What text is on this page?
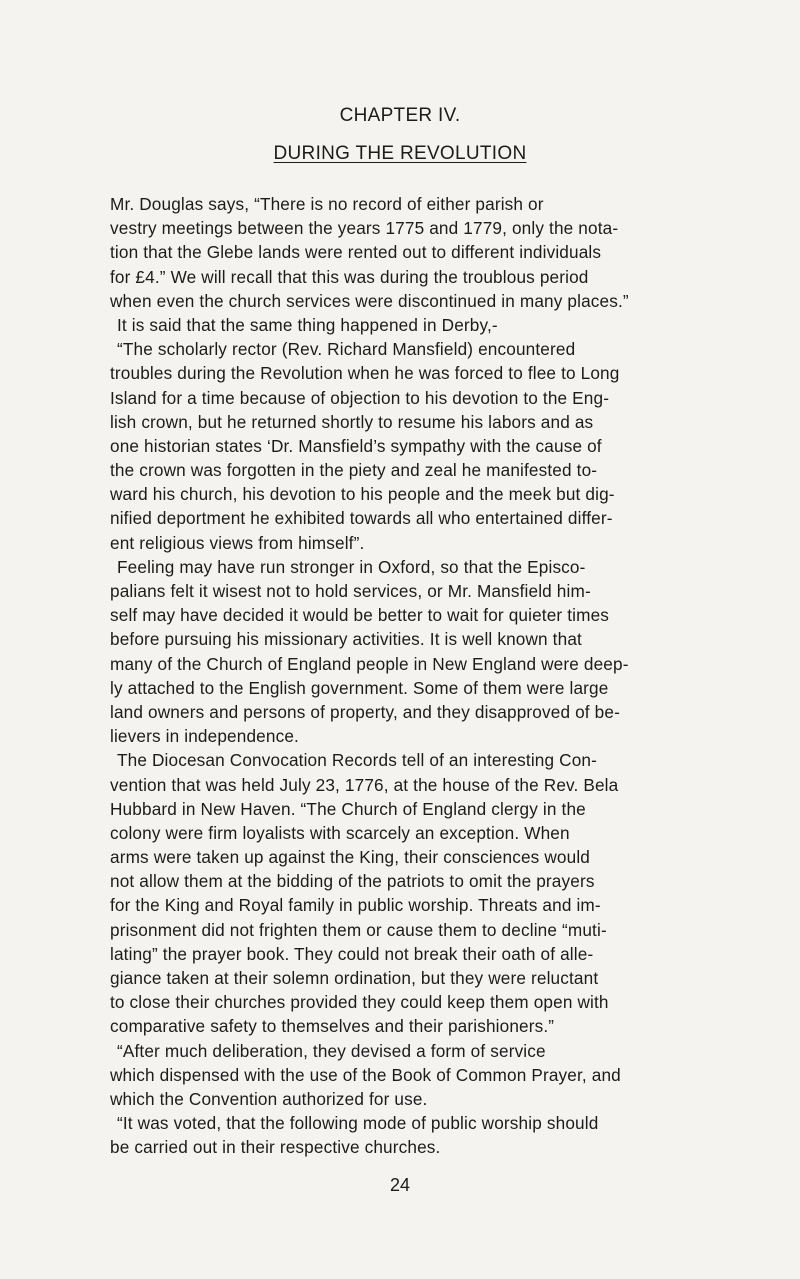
CHAPTER IV.
DURING THE REVOLUTION
Mr. Douglas says, “There is no record of either parish or
vestry meetings between the years 1775 and 1779, only the nota-
tion that the Glebe lands were rented out to different individuals
for £4.” We will recall that this was during the troublous period
when even the church services were discontinued in many places.”
It is said that the same thing happened in Derby,-
“The scholarly rector (Rev. Richard Mansfield) encountered
troubles during the Revolution when he was forced to flee to Long
Island for a time because of objection to his devotion to the Eng-
lish crown, but he returned shortly to resume his labors and as
one historian states ‘Dr. Mansfield’s sympathy with the cause of
the crown was forgotten in the piety and zeal he manifested to-
ward his church, his devotion to his people and the meek but dig-
nified deportment he exhibited towards all who entertained differ-
ent religious views from himself”.
Feeling may have run stronger in Oxford, so that the Episco-
palians felt it wisest not to hold services, or Mr. Mansfield him-
self may have decided it would be better to wait for quieter times
before pursuing his missionary activities. It is well known that
many of the Church of England people in New England were deep-
ly attached to the English government. Some of them were large
land owners and persons of property, and they disapproved of be-
lievers in independence.
The Diocesan Convocation Records tell of an interesting Con-
vention that was held July 23, 1776, at the house of the Rev. Bela
Hubbard in New Haven. “The Church of England clergy in the
colony were firm loyalists with scarcely an exception. When
arms were taken up against the King, their consciences would
not allow them at the bidding of the patriots to omit the prayers
for the King and Royal family in public worship. Threats and im-
prisonment did not frighten them or cause them to decline “muti-
lating” the prayer book. They could not break their oath of alle-
giance taken at their solemn ordination, but they were reluctant
to close their churches provided they could keep them open with
comparative safety to themselves and their parishioners.”
“After much deliberation, they devised a form of service
which dispensed with the use of the Book of Common Prayer, and
which the Convention authorized for use.
“It was voted, that the following mode of public worship should
be carried out in their respective churches.
24
